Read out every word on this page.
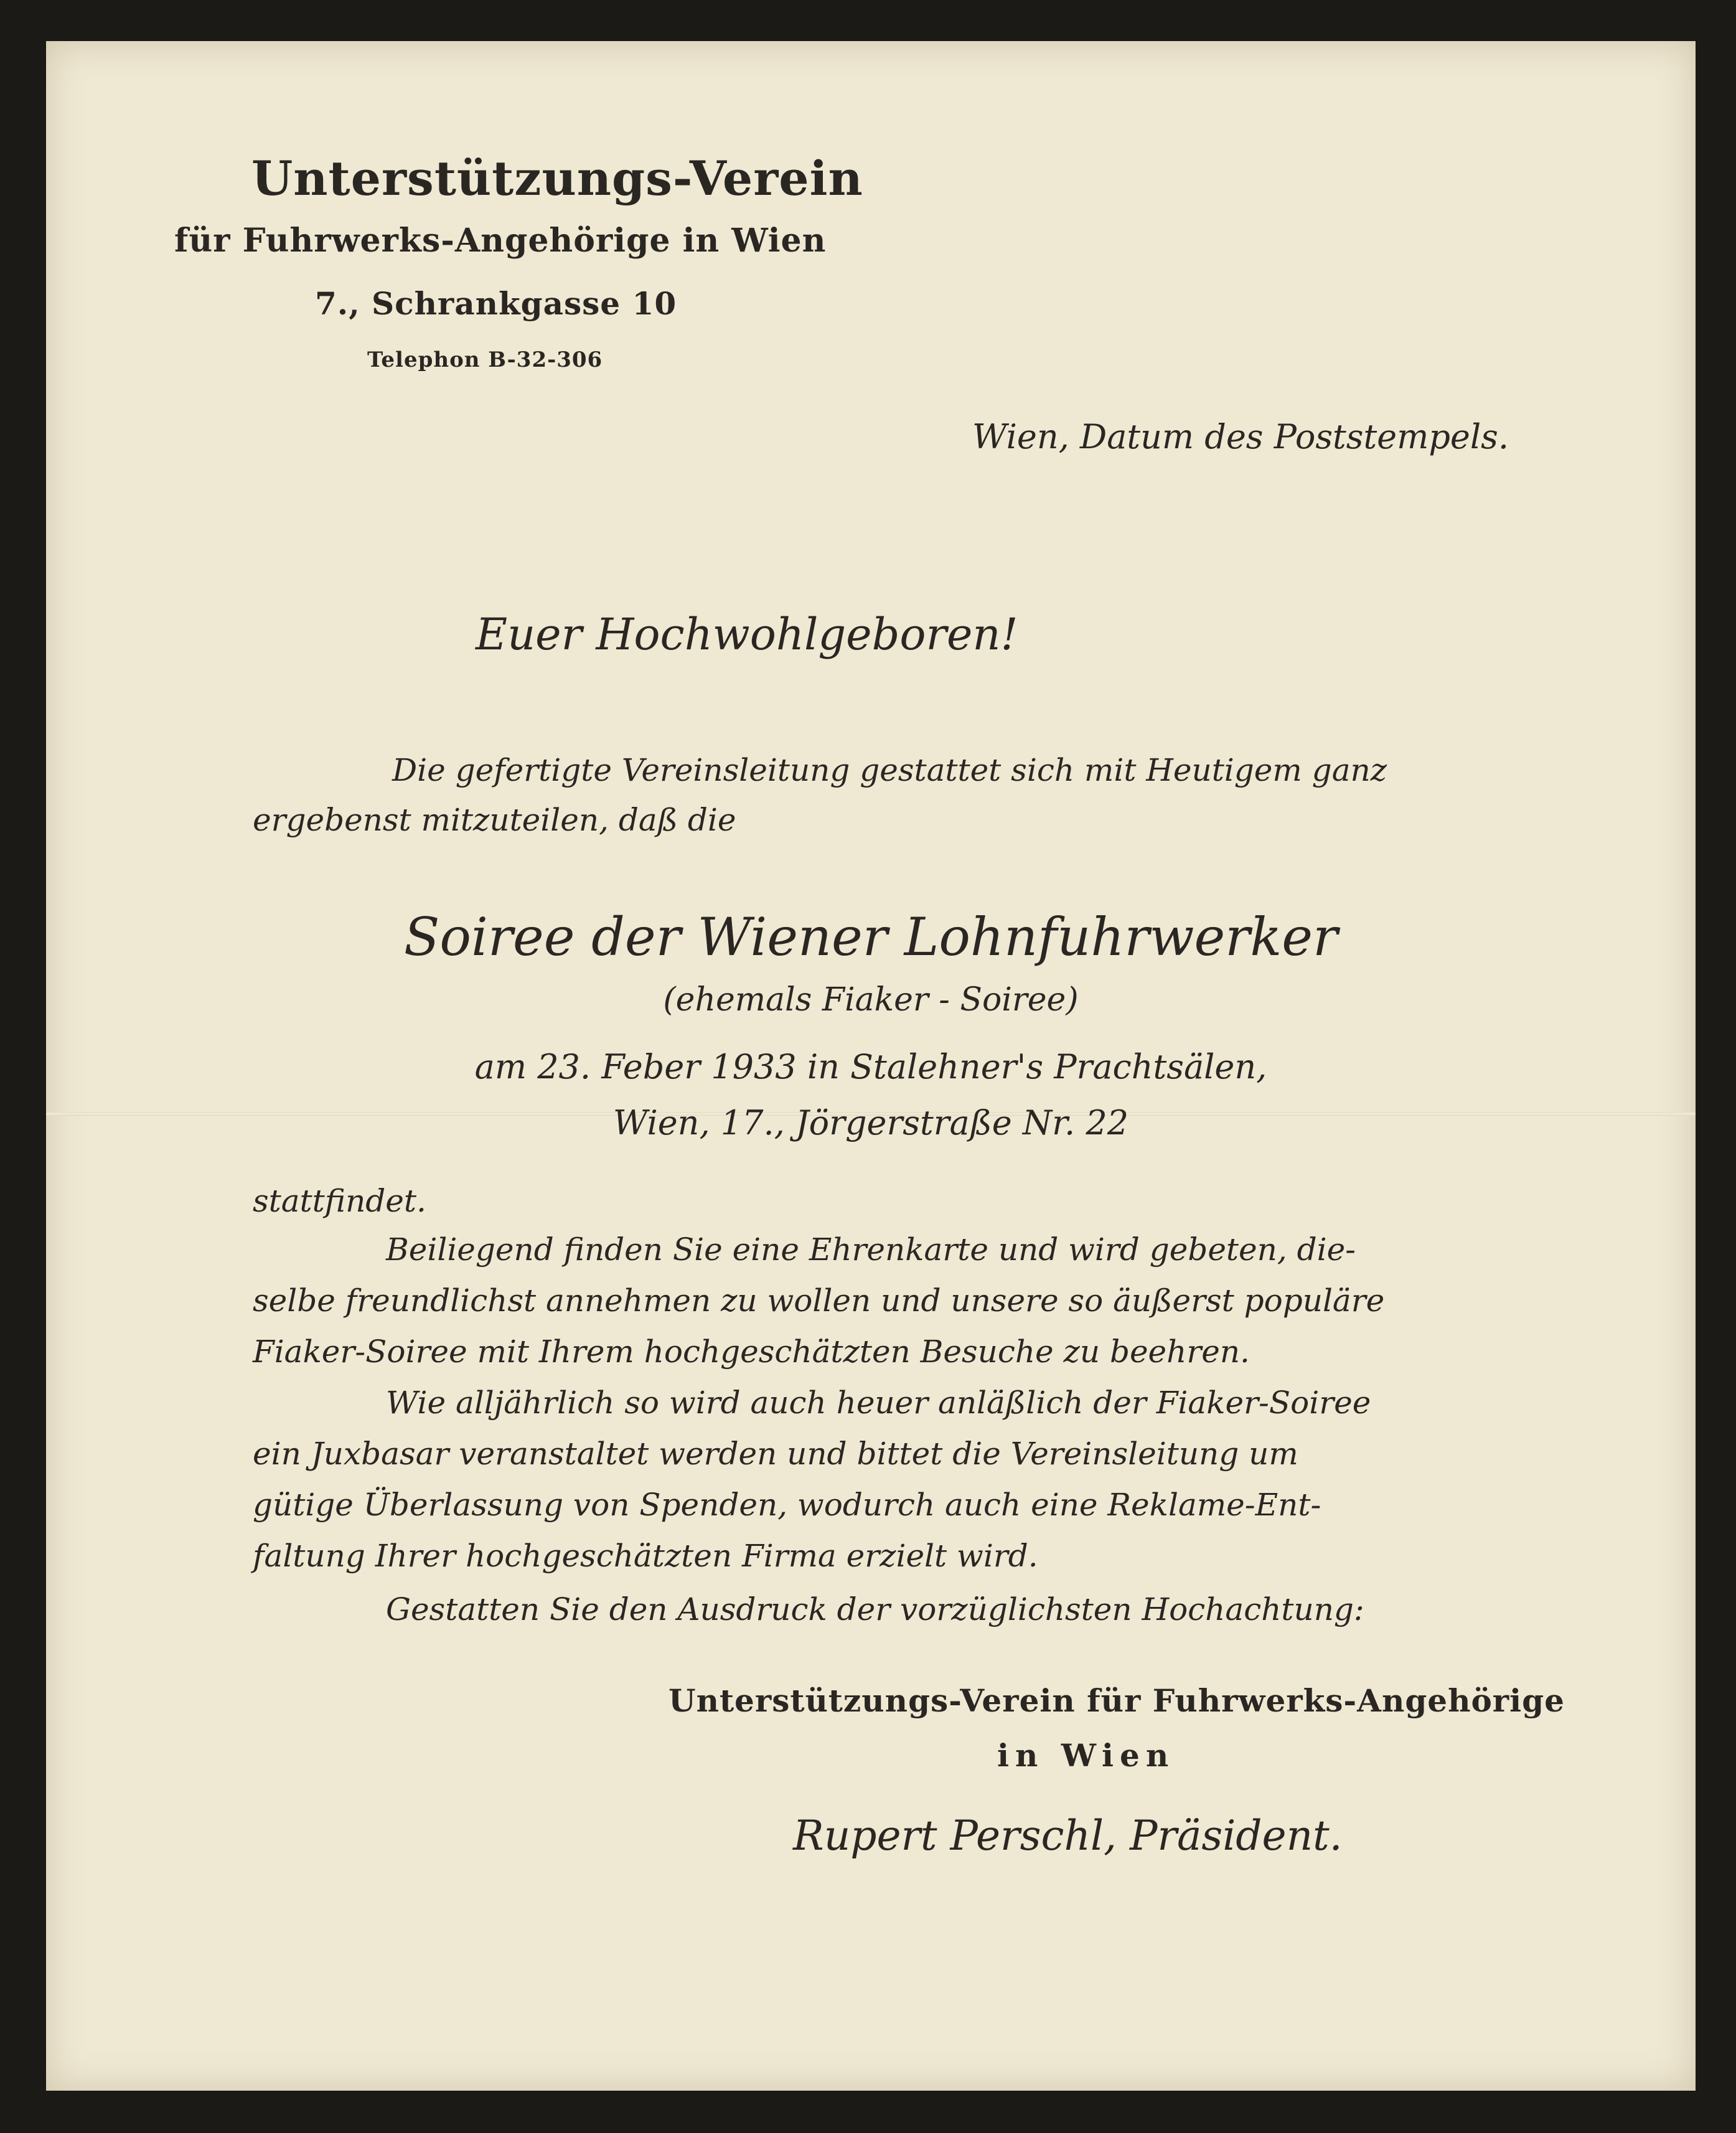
Unterstützungs-Verein
für Fuhrwerks-Angehörige in Wien
7., Schrankgasse 10
Telephon B-32-306
Wien, Datum des Poststempels.
Euer Hochwohlgeboren!
Die gefertigte Vereinsleitung gestattet sich mit Heutigem ganz
ergebenst mitzuteilen, daß die
Soiree der Wiener Lohnfuhrwerker
(ehemals Fiaker - Soiree)
am 23. Feber 1933 in Stalehner's Prachtsälen,
Wien, 17., Jörgerstraße Nr. 22
stattfindet.
Beiliegend finden Sie eine Ehrenkarte und wird gebeten, die-
selbe freundlichst annehmen zu wollen und unsere so äußerst populäre
Fiaker-Soiree mit Ihrem hochgeschätzten Besuche zu beehren.
Wie alljährlich so wird auch heuer anläßlich der Fiaker-Soiree
ein Juxbasar veranstaltet werden und bittet die Vereinsleitung um
gütige Überlassung von Spenden, wodurch auch eine Reklame-Ent-
faltung Ihrer hochgeschätzten Firma erzielt wird.
Gestatten Sie den Ausdruck der vorzüglichsten Hochachtung:
Unterstützungs-Verein für Fuhrwerks-Angehörige
in Wien
Rupert Perschl, Präsident.
